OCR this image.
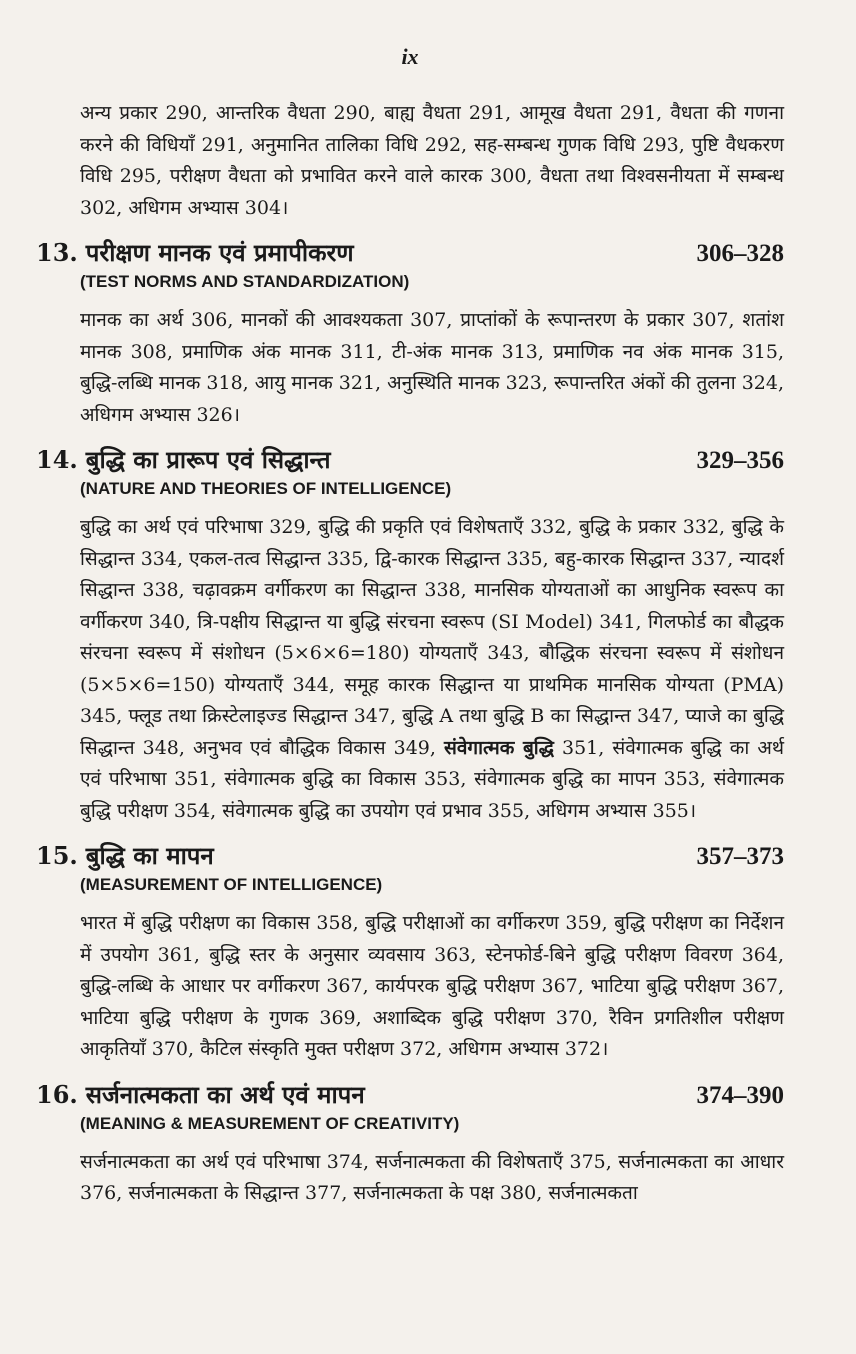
ix

अन्य प्रकार 290, आन्तरिक वैधता 290, बाह्य वैधता 291, आमूख वैधता 291, वैधता की गणना करने की विधियाँ 291, अनुमानित तालिका विधि 292, सह-सम्बन्ध गुणक विधि 293, पुष्टि वैधकरण विधि 295, परीक्षण वैधता को प्रभावित करने वाले कारक 300, वैधता तथा विश्वसनीयता में सम्बन्ध 302, अधिगम अभ्यास 304।

13. परीक्षण मानक एवं प्रमापीकरण	306–328
(TEST NORMS AND STANDARDIZATION)

मानक का अर्थ 306, मानकों की आवश्यकता 307, प्राप्तांकों के रूपान्तरण के प्रकार 307, शतांश मानक 308, प्रमाणिक अंक मानक 311, टी-अंक मानक 313, प्रमाणिक नव अंक मानक 315, बुद्धि-लब्धि मानक 318, आयु मानक 321, अनुस्थिति मानक 323, रूपान्तरित अंकों की तुलना 324, अधिगम अभ्यास 326।

14. बुद्धि का प्रारूप एवं सिद्धान्त	329–356
(NATURE AND THEORIES OF INTELLIGENCE)

बुद्धि का अर्थ एवं परिभाषा 329, बुद्धि की प्रकृति एवं विशेषताएँ 332, बुद्धि के प्रकार 332, बुद्धि के सिद्धान्त 334, एकल-तत्व सिद्धान्त 335, द्वि-कारक सिद्धान्त 335, बहु-कारक सिद्धान्त 337, न्यादर्श सिद्धान्त 338, चढ़ावक्रम वर्गीकरण का सिद्धान्त 338, मानसिक योग्यताओं का आधुनिक स्वरूप का वर्गीकरण 340, त्रि-पक्षीय सिद्धान्त या बुद्धि संरचना स्वरूप (SI Model) 341, गिलफोर्ड का बौद्धक संरचना स्वरूप में संशोधन (5×6×6=180) योग्यताएँ 343, बौद्धिक संरचना स्वरूप में संशोधन (5×5×6=150) योग्यताएँ 344, समूह कारक सिद्धान्त या प्राथमिक मानसिक योग्यता (PMA) 345, फ्लूड तथा क्रिस्टेलाइज्ड सिद्धान्त 347, बुद्धि A तथा बुद्धि B का सिद्धान्त 347, प्याजे का बुद्धि सिद्धान्त 348, अनुभव एवं बौद्धिक विकास 349, संवेगात्मक बुद्धि 351, संवेगात्मक बुद्धि का अर्थ एवं परिभाषा 351, संवेगात्मक बुद्धि का विकास 353, संवेगात्मक बुद्धि का मापन 353, संवेगात्मक बुद्धि परीक्षण 354, संवेगात्मक बुद्धि का उपयोग एवं प्रभाव 355, अधिगम अभ्यास 355।

15. बुद्धि का मापन	357–373
(MEASUREMENT OF INTELLIGENCE)

भारत में बुद्धि परीक्षण का विकास 358, बुद्धि परीक्षाओं का वर्गीकरण 359, बुद्धि परीक्षण का निर्देशन में उपयोग 361, बुद्धि स्तर के अनुसार व्यवसाय 363, स्टेनफोर्ड-बिने बुद्धि परीक्षण विवरण 364, बुद्धि-लब्धि के आधार पर वर्गीकरण 367, कार्यपरक बुद्धि परीक्षण 367, भाटिया बुद्धि परीक्षण 367, भाटिया बुद्धि परीक्षण के गुणक 369, अशाब्दिक बुद्धि परीक्षण 370, रैविन प्रगतिशील परीक्षण आकृतियाँ 370, कैटिल संस्कृति मुक्त परीक्षण 372, अधिगम अभ्यास 372।

16. सर्जनात्मकता का अर्थ एवं मापन	374–390
(MEANING & MEASUREMENT OF CREATIVITY)

सर्जनात्मकता का अर्थ एवं परिभाषा 374, सर्जनात्मकता की विशेषताएँ 375, सर्जनात्मकता का आधार 376, सर्जनात्मकता के सिद्धान्त 377, सर्जनात्मकता के पक्ष 380, सर्जनात्मकता
